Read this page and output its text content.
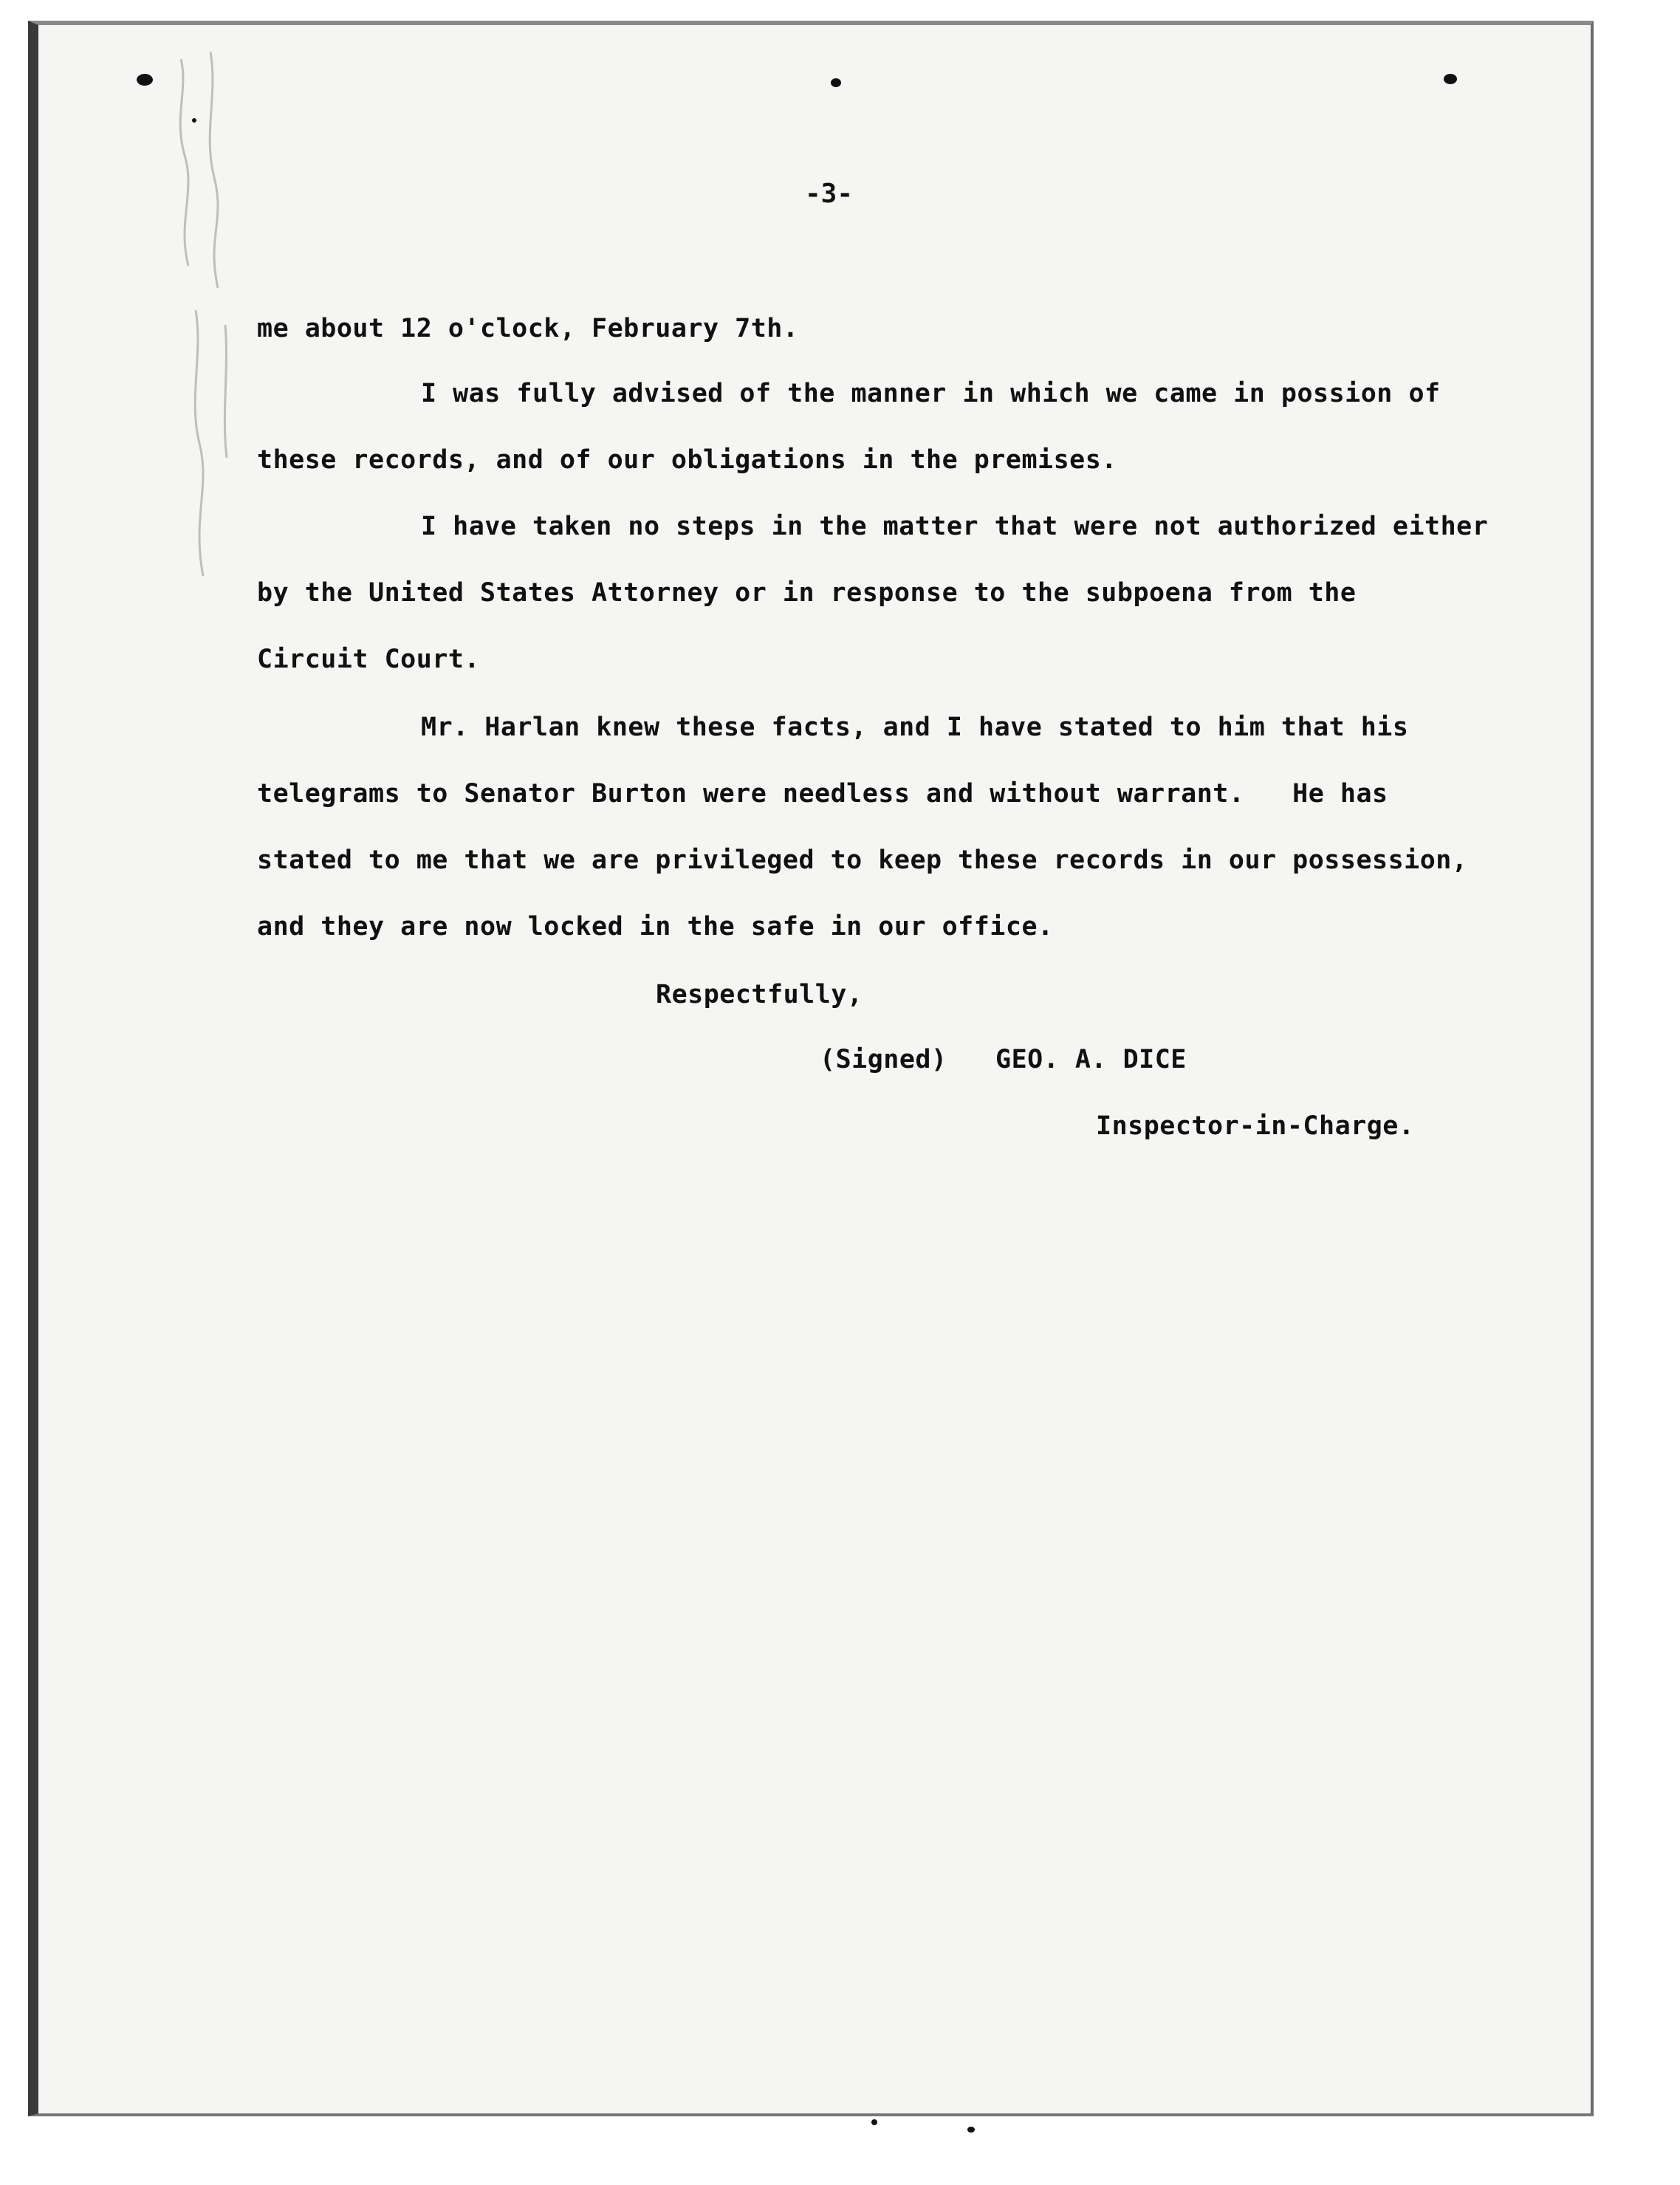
-3-
me about 12 o'clock, February 7th.
I was fully advised of the manner in which we came in possion of
these records, and of our obligations in the premises.
I have taken no steps in the matter that were not authorized either
by the United States Attorney or in response to the subpoena from the
Circuit Court.
Mr. Harlan knew these facts, and I have stated to him that his
telegrams to Senator Burton were needless and without warrant.   He has
stated to me that we are privileged to keep these records in our possession,
and they are now locked in the safe in our office.
Respectfully,
(Signed) GEO. A. DICE
Inspector-in-Charge.
